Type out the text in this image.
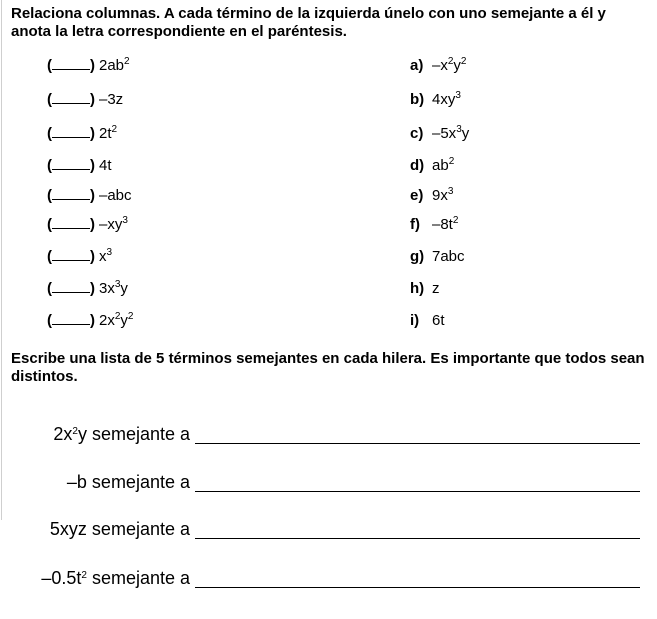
Relaciona columnas. A cada término de la izquierda únelo con uno semejante a él y anota la letra correspondiente en el paréntesis.
(	) $2ab^2$	a) $-x^2y^2$
(	) –3z	b) $4xy^3$
(	) $2t^2$	c) $-5x^3y$
(	) 4t	d) $ab^2$
(	) –abc	e) $9x^3$
(	) $-xy^3$	f) $-8t^2$
(	) $x^3$	g) 7abc
(	) $3x^3y$	h) z
(	) $2x^2y^2$	i) 6t
Escribe una lista de 5 términos semejantes en cada hilera. Es importante que todos sean distintos.
$2x^2y$ semejante a
–b semejante a
5xyz semejante a
$-0.5t^2$ semejante a
